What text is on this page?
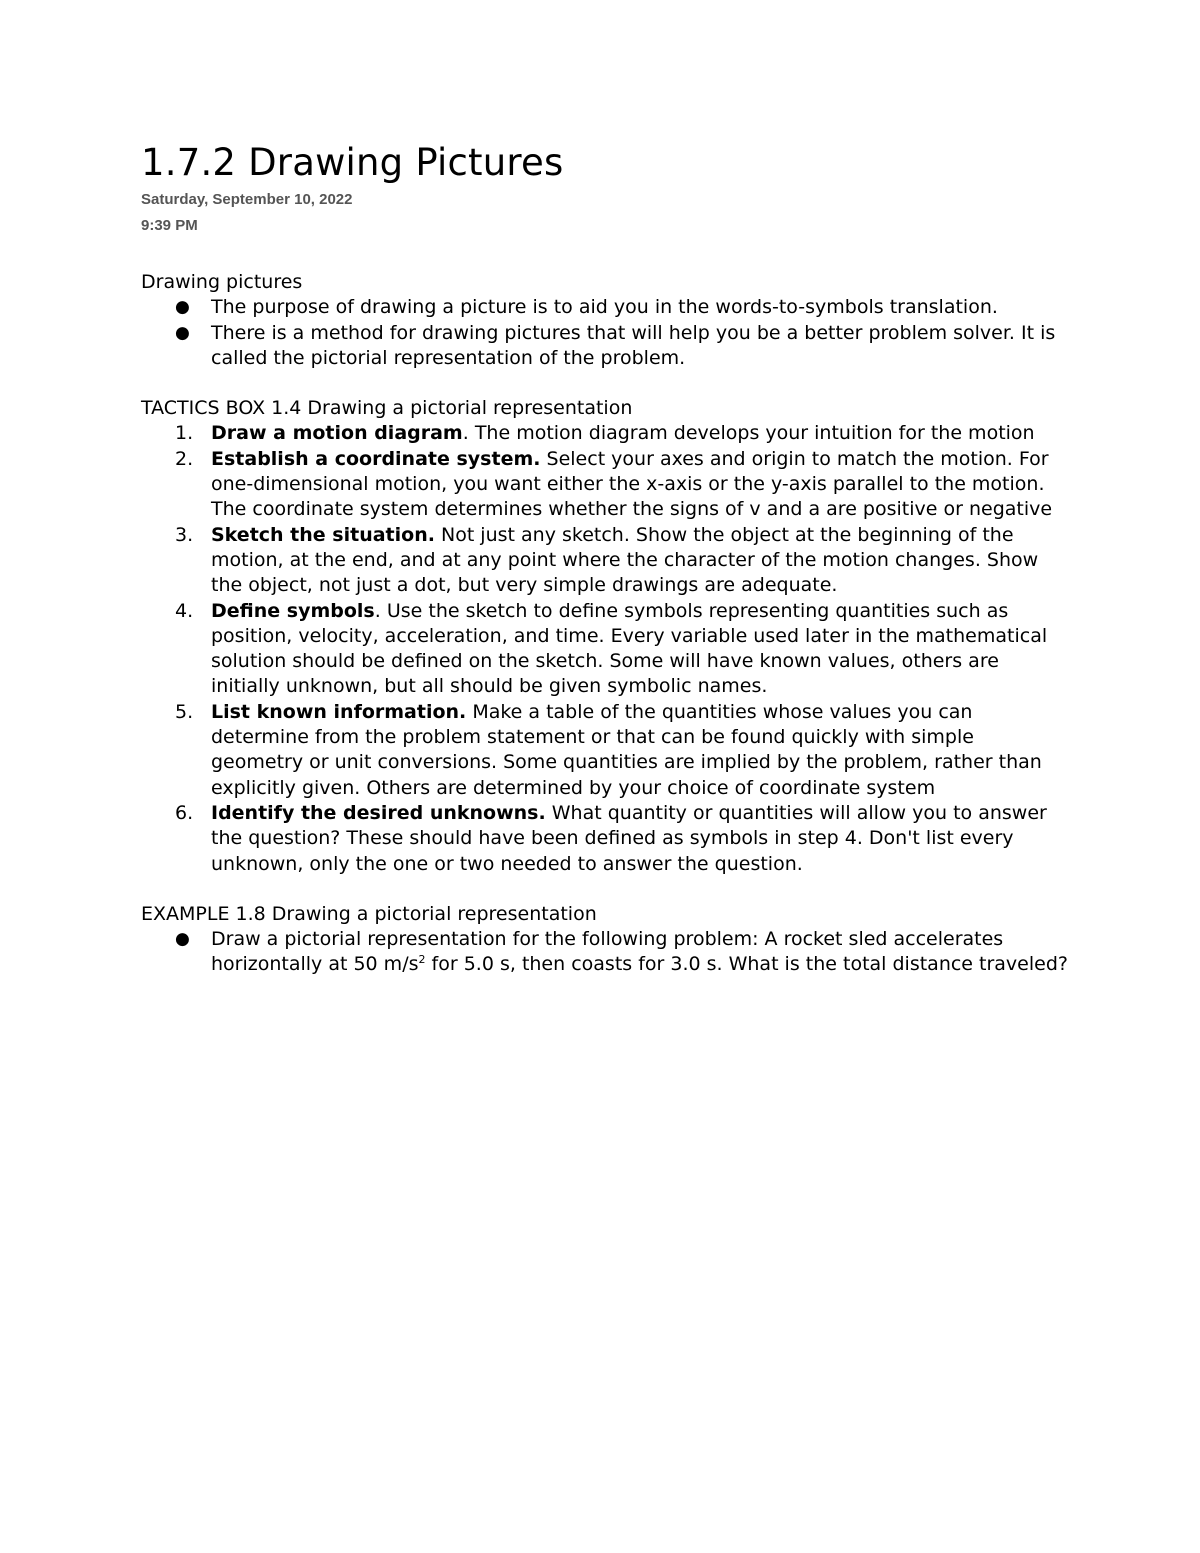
1.7.2 Drawing Pictures
Saturday, September 10, 2022
9:39 PM

Drawing pictures

● The purpose of drawing a picture is to aid you in the words-to-symbols translation.
● There is a method for drawing pictures that will help you be a better problem solver. It is called the pictorial representation of the problem.

TACTICS BOX 1.4 Drawing a pictorial representation

1. Draw a motion diagram. The motion diagram develops your intuition for the motion
2. Establish a coordinate system. Select your axes and origin to match the motion. For one-dimensional motion, you want either the x-axis or the y-axis parallel to the motion. The coordinate system determines whether the signs of v and a are positive or negative
3. Sketch the situation. Not just any sketch. Show the object at the beginning of the motion, at the end, and at any point where the character of the motion changes. Show the object, not just a dot, but very simple drawings are adequate.
4. Define symbols. Use the sketch to define symbols representing quantities such as position, velocity, acceleration, and time. Every variable used later in the mathematical solution should be defined on the sketch. Some will have known values, others are initially unknown, but all should be given symbolic names.
5. List known information. Make a table of the quantities whose values you can determine from the problem statement or that can be found quickly with simple geometry or unit conversions. Some quantities are implied by the problem, rather than explicitly given. Others are determined by your choice of coordinate system
6. Identify the desired unknowns. What quantity or quantities will allow you to answer the question? These should have been defined as symbols in step 4. Don't list every unknown, only the one or two needed to answer the question.

EXAMPLE 1.8 Drawing a pictorial representation

● Draw a pictorial representation for the following problem: A rocket sled accelerates horizontally at 50 $m/s^2$ for 5.0 s, then coasts for 3.0 s. What is the total distance traveled?
